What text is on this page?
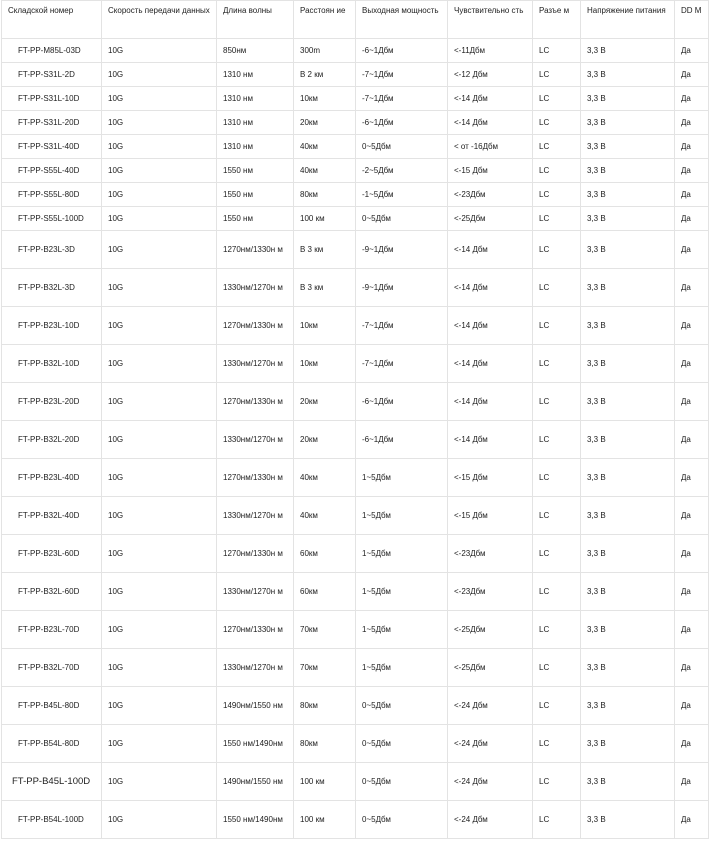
Складской номер	Скорость передачи данных	Длина волны	Расстоян ие	Выходная мощность	Чувствительно сть	Разъе м	Напряжение питания	DD M
FT-PP-M85L-03D	10G	850нм	300m	-6~1Дбм	<-11Дбм	LC	3,3 В	Да
FT-PP-S31L-2D	10G	1310 нм	В 2 км	-7~1Дбм	<-12 Дбм	LC	3,3 В	Да
FT-PP-S31L-10D	10G	1310 нм	10км	-7~1Дбм	<-14 Дбм	LC	3,3 В	Да
FT-PP-S31L-20D	10G	1310 нм	20км	-6~1Дбм	<-14 Дбм	LC	3,3 В	Да
FT-PP-S31L-40D	10G	1310 нм	40км	0~5Дбм	< от -16Дбм	LC	3,3 В	Да
FT-PP-S55L-40D	10G	1550 нм	40км	-2~5Дбм	<-15 Дбм	LC	3,3 В	Да
FT-PP-S55L-80D	10G	1550 нм	80км	-1~5Дбм	<-23Дбм	LC	3,3 В	Да
FT-PP-S55L-100D	10G	1550 нм	100 км	0~5Дбм	<-25Дбм	LC	3,3 В	Да
FT-PP-B23L-3D	10G	1270нм/1330н м	В 3 км	-9~1Дбм	<-14 Дбм	LC	3,3 В	Да
FT-PP-B32L-3D	10G	1330нм/1270н м	В 3 км	-9~1Дбм	<-14 Дбм	LC	3,3 В	Да
FT-PP-B23L-10D	10G	1270нм/1330н м	10км	-7~1Дбм	<-14 Дбм	LC	3,3 В	Да
FT-PP-B32L-10D	10G	1330нм/1270н м	10км	-7~1Дбм	<-14 Дбм	LC	3,3 В	Да
FT-PP-B23L-20D	10G	1270нм/1330н м	20км	-6~1Дбм	<-14 Дбм	LC	3,3 В	Да
FT-PP-B32L-20D	10G	1330нм/1270н м	20км	-6~1Дбм	<-14 Дбм	LC	3,3 В	Да
FT-PP-B23L-40D	10G	1270нм/1330н м	40км	1~5Дбм	<-15 Дбм	LC	3,3 В	Да
FT-PP-B32L-40D	10G	1330нм/1270н м	40км	1~5Дбм	<-15 Дбм	LC	3,3 В	Да
FT-PP-B23L-60D	10G	1270нм/1330н м	60км	1~5Дбм	<-23Дбм	LC	3,3 В	Да
FT-PP-B32L-60D	10G	1330нм/1270н м	60км	1~5Дбм	<-23Дбм	LC	3,3 В	Да
FT-PP-B23L-70D	10G	1270нм/1330н м	70км	1~5Дбм	<-25Дбм	LC	3,3 В	Да
FT-PP-B32L-70D	10G	1330нм/1270н м	70км	1~5Дбм	<-25Дбм	LC	3,3 В	Да
FT-PP-B45L-80D	10G	1490нм/1550 нм	80км	0~5Дбм	<-24 Дбм	LC	3,3 В	Да
FT-PP-B54L-80D	10G	1550 нм/1490нм	80км	0~5Дбм	<-24 Дбм	LC	3,3 В	Да
FT-PP-B45L-100D	10G	1490нм/1550 нм	100 км	0~5Дбм	<-24 Дбм	LC	3,3 В	Да
FT-PP-B54L-100D	10G	1550 нм/1490нм	100 км	0~5Дбм	<-24 Дбм	LC	3,3 В	Да
